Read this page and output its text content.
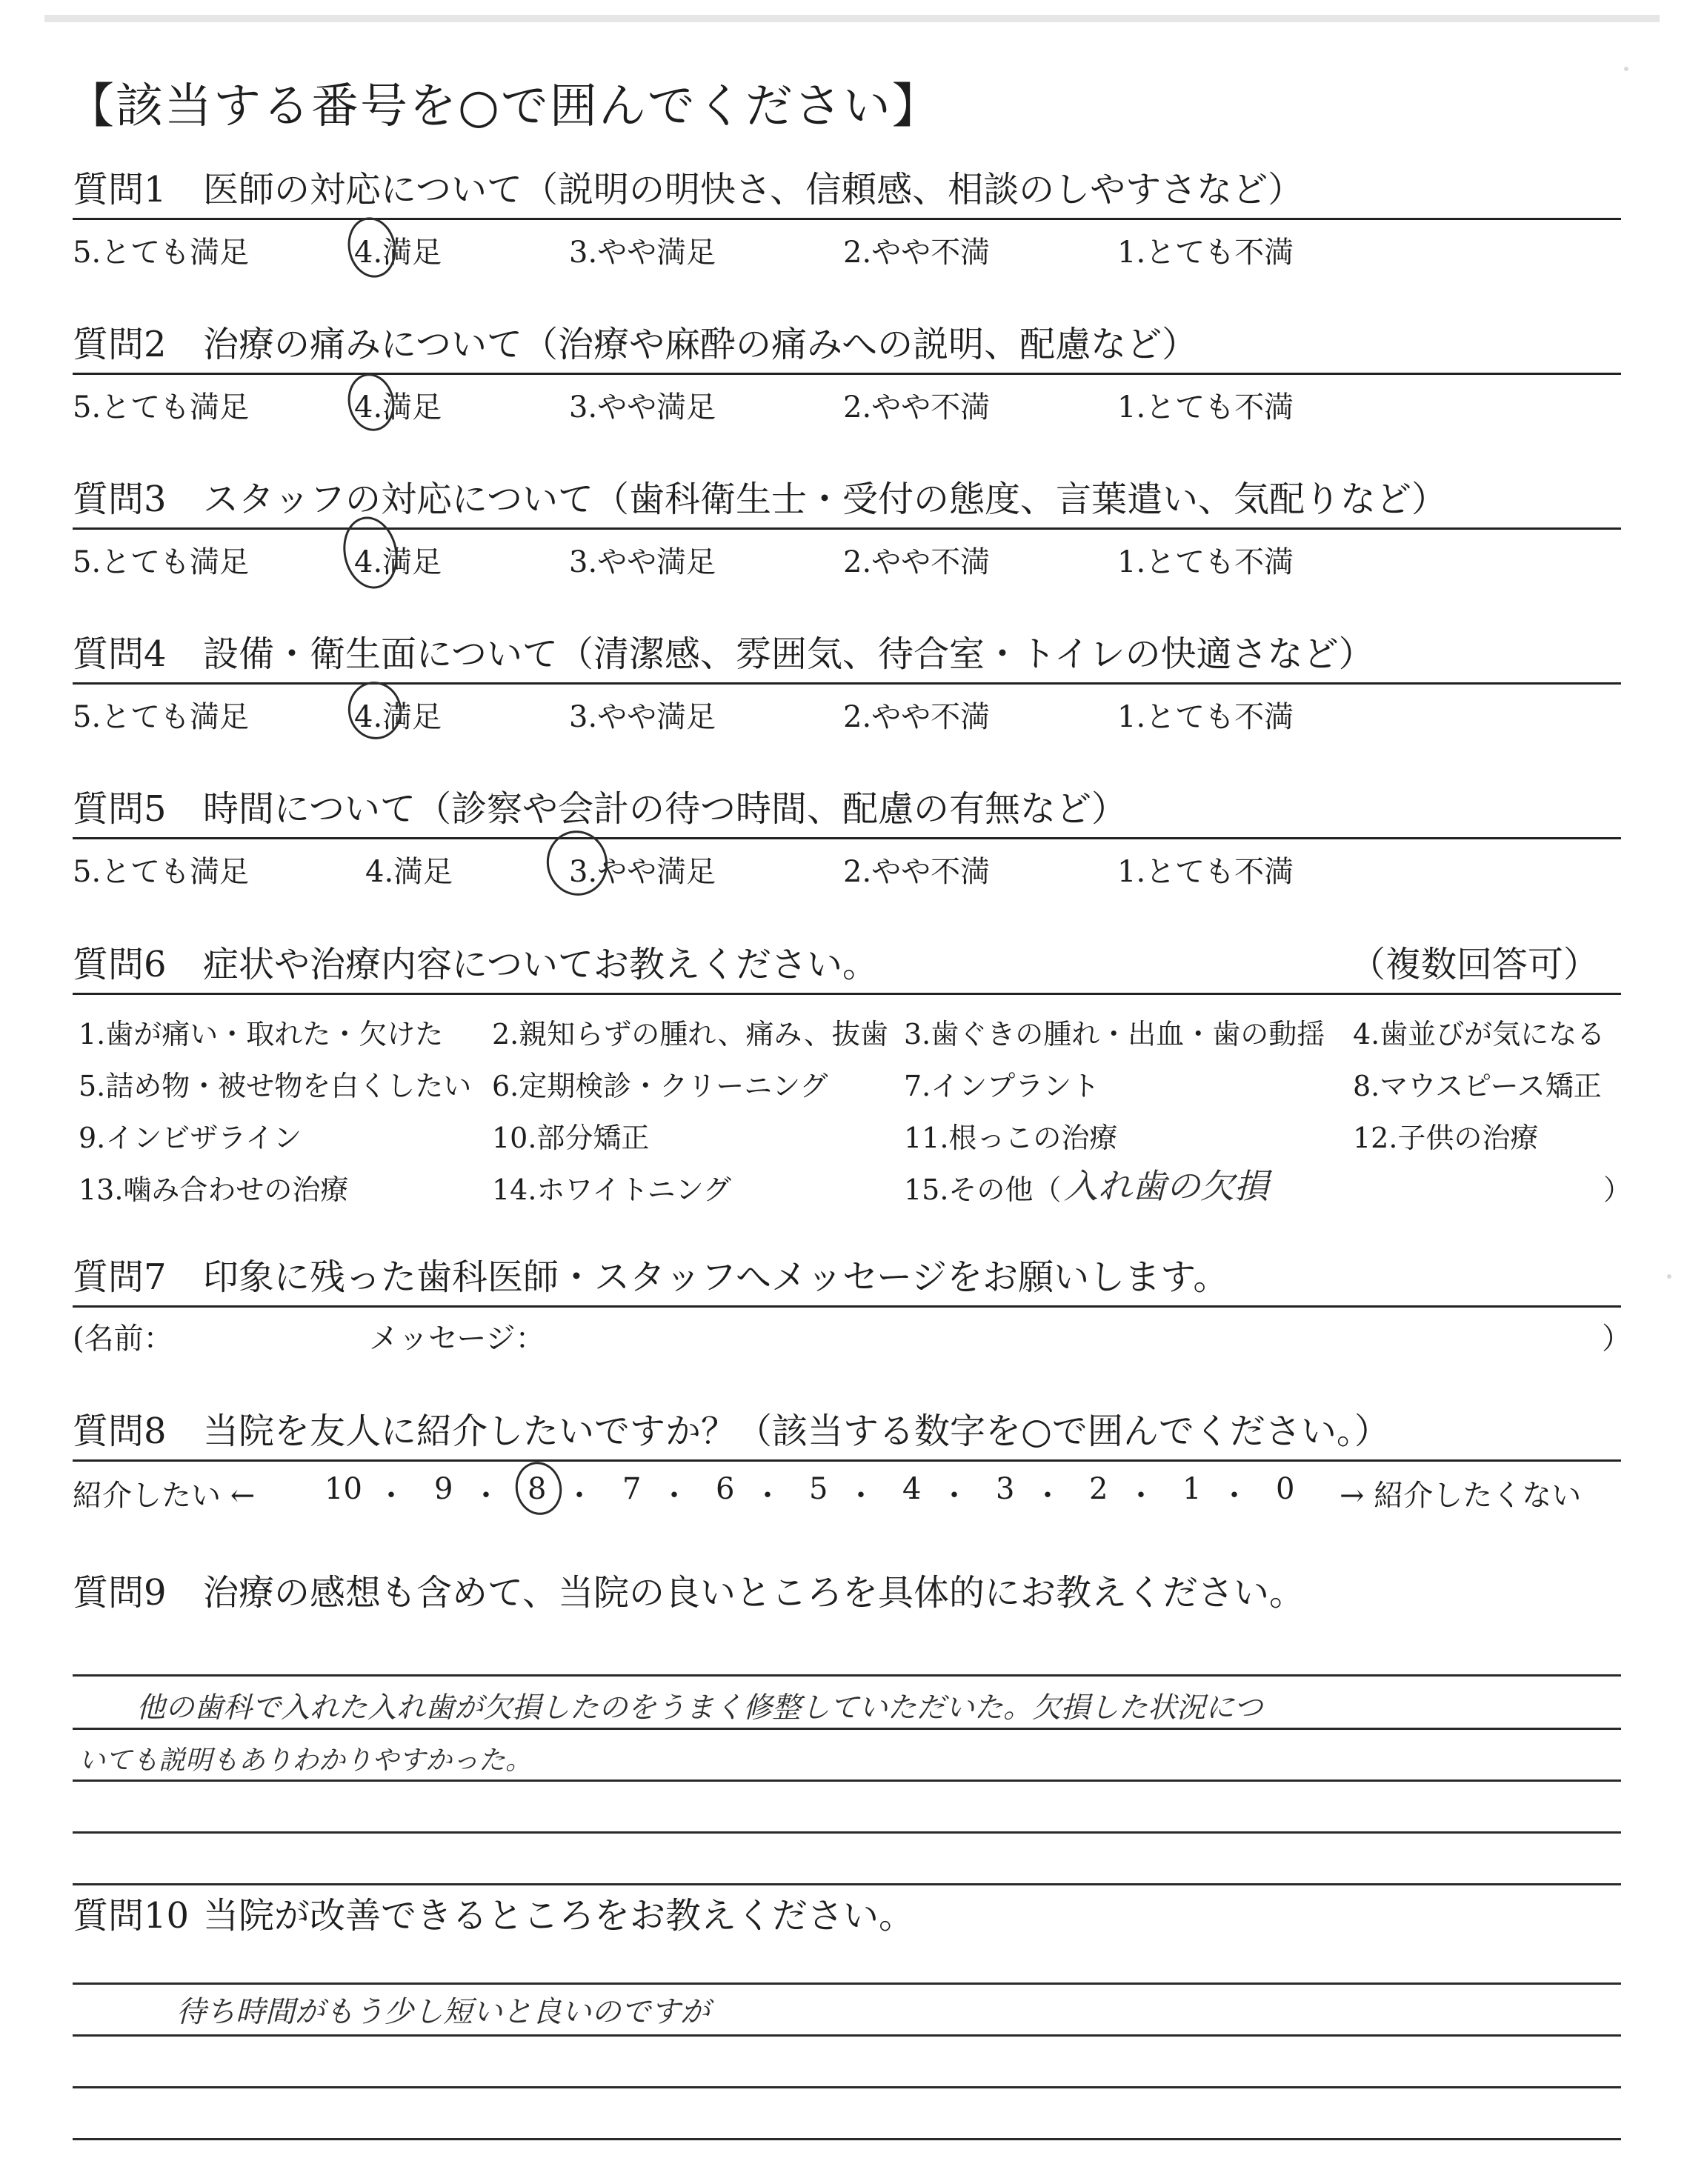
【該当する番号を○で囲んでください】
質問1 医師の対応について（説明の明快さ、信頼感、相談のしやすさなど）
5.とても満足	4.満足	3.やや満足	2.やや不満	1.とても不満
質問2 治療の痛みについて（治療や麻酔の痛みへの説明、配慮など）
5.とても満足	4.満足	3.やや満足	2.やや不満	1.とても不満
質問3 スタッフの対応について（歯科衛生士・受付の態度、言葉遣い、気配りなど）
5.とても満足	4.満足	3.やや満足	2.やや不満	1.とても不満
質問4 設備・衛生面について（清潔感、雰囲気、待合室・トイレの快適さなど）
5.とても満足	4.満足	3.やや満足	2.やや不満	1.とても不満
質問5 時間について（診察や会計の待つ時間、配慮の有無など）
5.とても満足	4.満足	3.やや満足	2.やや不満	1.とても不満
質問6 症状や治療内容についてお教えください。	（複数回答可）
1.歯が痛い・取れた・欠けた 2.親知らずの腫れ、痛み、抜歯 3.歯ぐきの腫れ・出血・歯の動揺 4.歯並びが気になる
5.詰め物・被せ物を白くしたい 6.定期検診・クリーニング	7.インプラント	8.マウスピース矯正
9.インビザライン	10.部分矯正	11.根っこの治療	12.子供の治療
13.噛み合わせの治療	14.ホワイトニング	15.その他（ 入れ歯の欠損	）
質問7 印象に残った歯科医師・スタッフへメッセージをお願いします。
(名前：	メッセージ：	）
質問8 当院を友人に紹介したいですか？（該当する数字を○で囲んでください。）
紹介したい ← 10 ・ 9 ・ 8 ・ 7 ・ 6 ・ 5 ・ 4 ・ 3 ・ 2 ・ 1 ・ 0 → 紹介したくない
質問9 治療の感想も含めて、当院の良いところを具体的にお教えください。
他の歯科で入れた入れ歯が欠損したのをうまく修整していただいた。欠損した状況につ
いても説明もありわかりやすかった。
質問10 当院が改善できるところをお教えください。
待ち時間がもう少し短いと良いのですが
